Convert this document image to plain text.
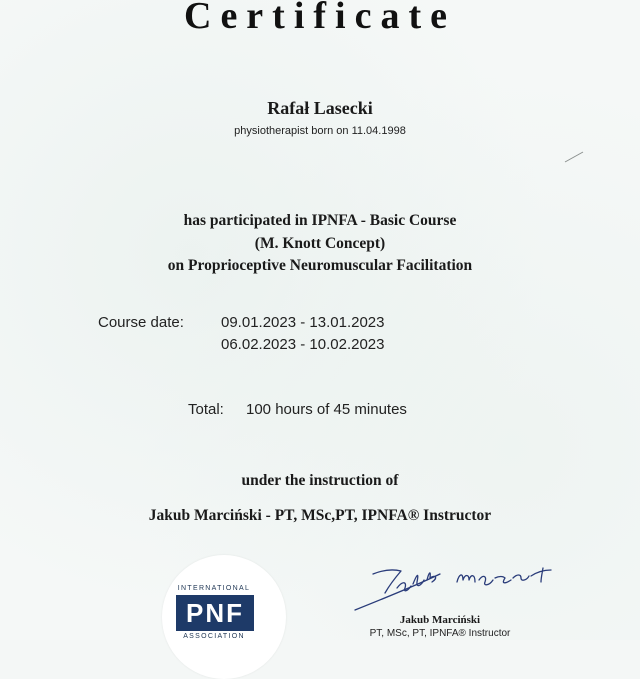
Certificate
Rafał Lasecki
physiotherapist born on 11.04.1998
has participated in IPNFA - Basic Course
(M. Knott Concept)
on Proprioceptive Neuromuscular Facilitation
Course date: 09.01.2023 - 13.01.2023
06.02.2023 - 10.02.2023
Total: 100 hours of 45 minutes
under the instruction of
Jakub Marciński - PT, MSc,PT, IPNFA® Instructor
INTERNATIONAL
PNF
ASSOCIATION
Jakub Marciński
PT, MSc, PT, IPNFA® Instructor
